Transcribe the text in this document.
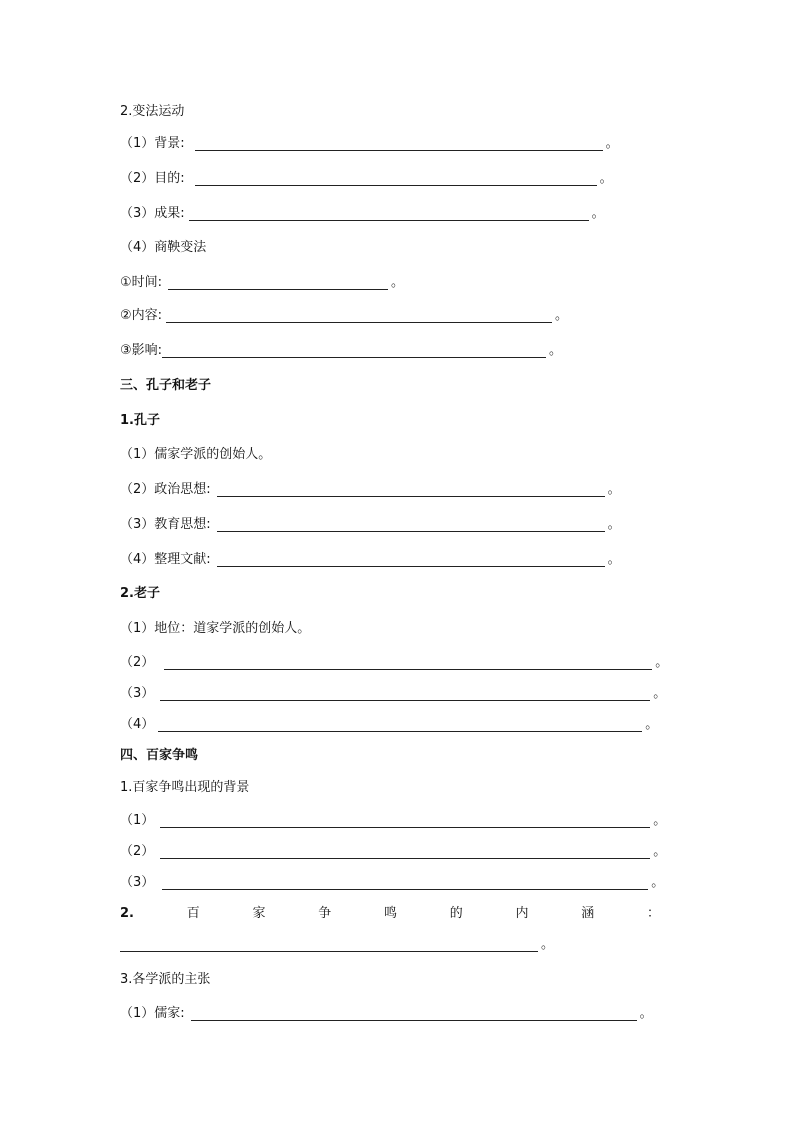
2.变法运动
（1）背景:	。
（2）目的:	。
（3）成果:	。
（4）商鞅变法
①时间:	。
②内容:	。
③影响:	。
三、孔子和老子
1.孔子
（1）儒家学派的创始人。
（2）政治思想:	。
（3）教育思想:	。
（4）整理文献:	。
2.老子
（1）地位：道家学派的创始人。
（2）	。
（3）	。
（4）	。
四、百家争鸣
1.百家争鸣出现的背景
（1）	。
（2）	。
（3）	。
2.	百	家	争	鸣	的	内	涵	：
。
3.各学派的主张
（1）儒家:	。
